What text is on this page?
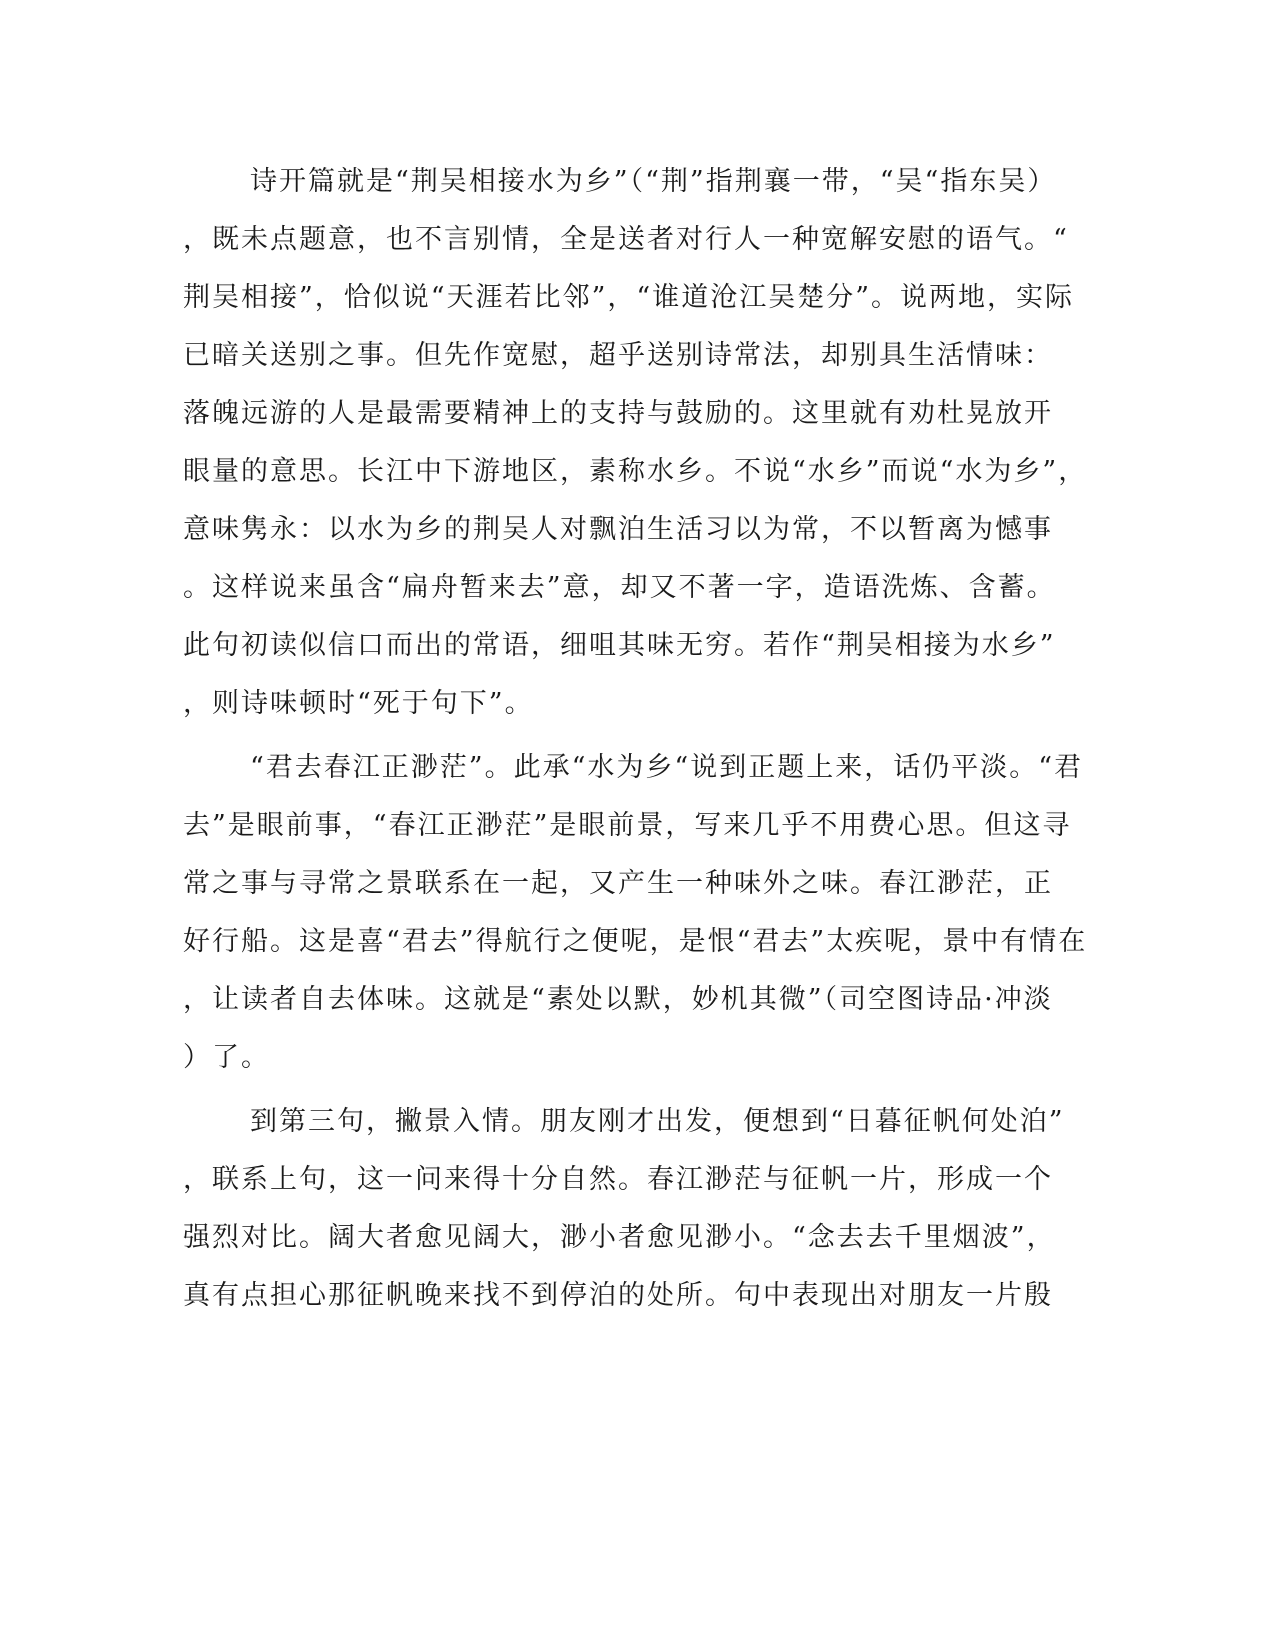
诗开篇就是“荆吴相接水为乡”（“荆”指荆襄一带，“吴“指东吴）
，既未点题意，也不言别情，全是送者对行人一种宽解安慰的语气。“
荆吴相接”，恰似说“天涯若比邻”，“谁道沧江吴楚分”。说两地，实际
已暗关送别之事。但先作宽慰，超乎送别诗常法，却别具生活情味：
落魄远游的人是最需要精神上的支持与鼓励的。这里就有劝杜晃放开
眼量的意思。长江中下游地区，素称水乡。不说“水乡”而说“水为乡”，
意味隽永：以水为乡的荆吴人对飘泊生活习以为常，不以暂离为憾事
。这样说来虽含“扁舟暂来去”意，却又不著一字，造语洗炼、含蓄。
此句初读似信口而出的常语，细咀其味无穷。若作“荆吴相接为水乡”
，则诗味顿时“死于句下”。
“君去春江正渺茫”。此承“水为乡“说到正题上来，话仍平淡。“君
去”是眼前事，“春江正渺茫”是眼前景，写来几乎不用费心思。但这寻
常之事与寻常之景联系在一起，又产生一种味外之味。春江渺茫，正
好行船。这是喜“君去”得航行之便呢，是恨“君去”太疾呢，景中有情在
，让读者自去体味。这就是“素处以默，妙机其微”（司空图诗品·冲淡
）了。
到第三句，撇景入情。朋友刚才出发，便想到“日暮征帆何处泊”
，联系上句，这一问来得十分自然。春江渺茫与征帆一片，形成一个
强烈对比。阔大者愈见阔大，渺小者愈见渺小。“念去去千里烟波”，
真有点担心那征帆晚来找不到停泊的处所。句中表现出对朋友一片殷
